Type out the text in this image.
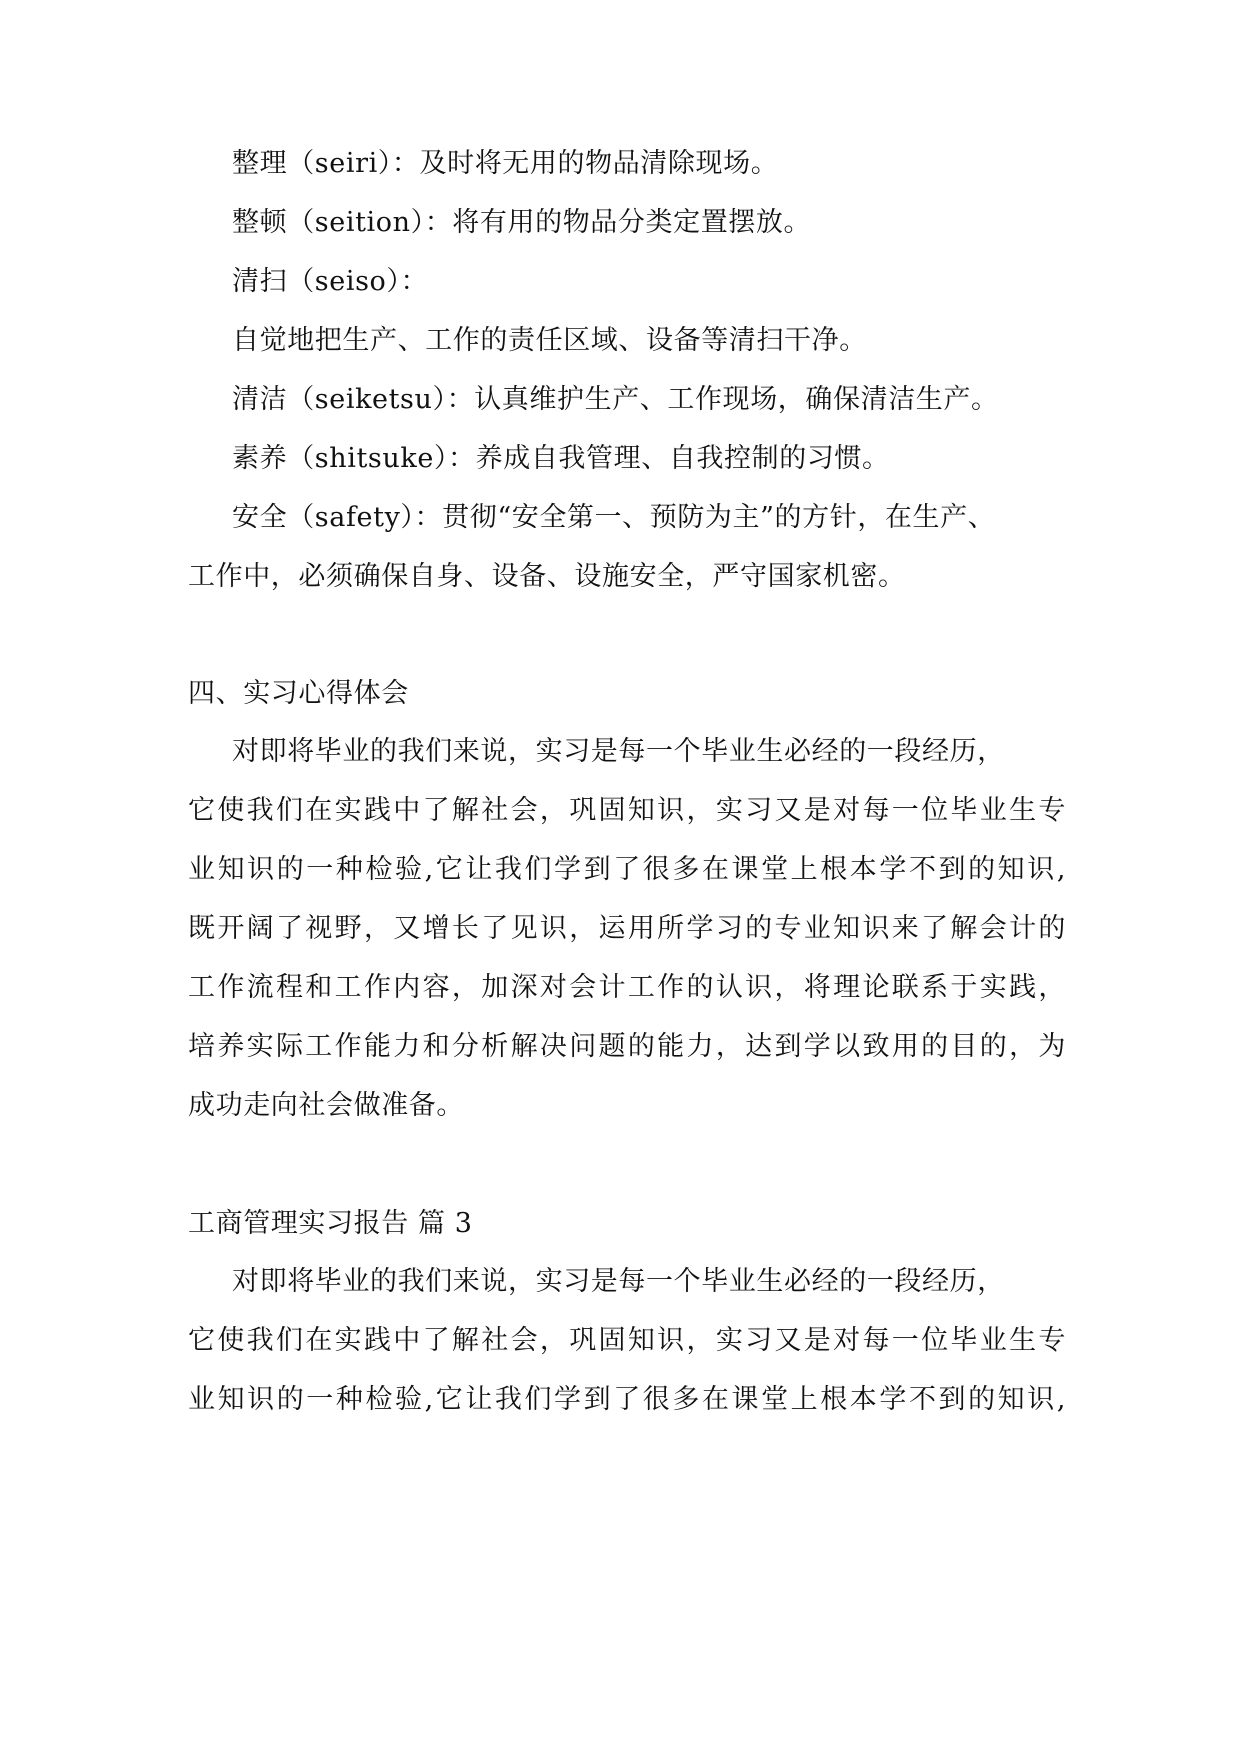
整理（seiri）：及时将无用的物品清除现场。
整顿（seition）：将有用的物品分类定置摆放。
清扫（seiso）：
自觉地把生产、工作的责任区域、设备等清扫干净。
清洁（seiketsu）：认真维护生产、工作现场，确保清洁生产。
素养（shitsuke）：养成自我管理、自我控制的习惯。
安全（safety）：贯彻“安全第一、预防为主”的方针，在生产、
工作中，必须确保自身、设备、设施安全，严守国家机密。
四、实习心得体会
对即将毕业的我们来说，实习是每一个毕业生必经的一段经历，
它使我们在实践中了解社会，巩固知识，实习又是对每一位毕业生专
业知识的一种检验,它让我们学到了很多在课堂上根本学不到的知识,
既开阔了视野，又增长了见识，运用所学习的专业知识来了解会计的
工作流程和工作内容，加深对会计工作的认识，将理论联系于实践，
培养实际工作能力和分析解决问题的能力，达到学以致用的目的，为
成功走向社会做准备。
工商管理实习报告 篇 3
对即将毕业的我们来说，实习是每一个毕业生必经的一段经历，
它使我们在实践中了解社会，巩固知识，实习又是对每一位毕业生专
业知识的一种检验,它让我们学到了很多在课堂上根本学不到的知识,
